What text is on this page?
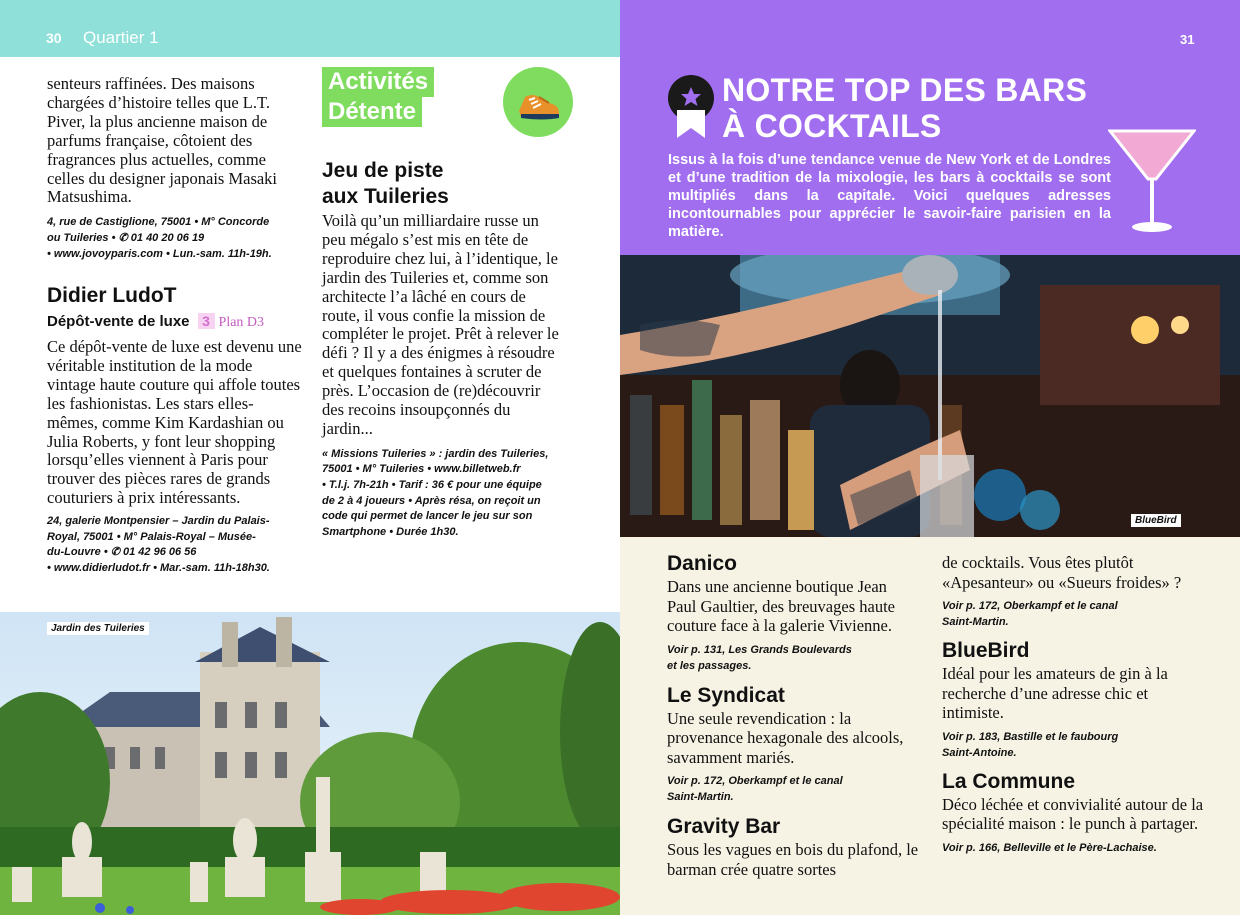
30 Quartier 1

senteurs raffinées. Des maisons chargées d’histoire telles que L.T. Piver, la plus ancienne maison de parfums française, côtoient des fragrances plus actuelles, comme celles du designer japonais Masaki Matsushima.

4, rue de Castiglione, 75001 • M° Concorde
ou Tuileries • ✆ 01 40 20 06 19
• www.jovoyparis.com • Lun.-sam. 11h-19h.
Didier LudoT
Dépôt-vente de luxe 3 Plan D3

Ce dépôt-vente de luxe est devenu une véritable institution de la mode vintage haute couture qui affole toutes les fashionistas. Les stars elles-mêmes, comme Kim Kardashian ou Julia Roberts, y font leur shopping lorsqu’elles viennent à Paris pour trouver des pièces rares de grands couturiers à prix intéressants.

24, galerie Montpensier – Jardin du Palais-
Royal, 75001 • M° Palais-Royal – Musée-
du-Louvre • ✆ 01 42 96 06 56
• www.didierludot.fr • Mar.-sam. 11h-18h30.
Activités
Détente
Jeu de piste
aux Tuileries

Voilà qu’un milliardaire russe un peu mégalo s’est mis en tête de reproduire chez lui, à l’identique, le jardin des Tuileries et, comme son architecte l’a lâché en cours de route, il vous confie la mission de compléter le projet. Prêt à relever le défi ? Il y a des énigmes à résoudre et quelques fontaines à scruter de près. L’occasion de (re)découvrir des recoins insoupçonnés du jardin...

« Missions Tuileries » : jardin des Tuileries,
75001 • M° Tuileries • www.billetweb.fr
• T.l.j. 7h-21h • Tarif : 36 € pour une équipe
de 2 à 4 joueurs • Après résa, on reçoit un
code qui permet de lancer le jeu sur son
Smartphone • Durée 1h30.
Jardin des Tuileries
31
NOTRE TOP DES BARS
À COCKTAILS

Issus à la fois d’une tendance venue de New York et de Londres et d’une tradition de la mixologie, les bars à cocktails se sont multipliés dans la capitale. Voici quelques adresses incontournables pour apprécier le savoir-faire parisien en la matière.

BlueBird
Danico

Dans une ancienne boutique Jean Paul Gaultier, des breuvages haute couture face à la galerie Vivienne.

Voir p. 131, Les Grands Boulevards
et les passages.
Le Syndicat

Une seule revendication : la provenance hexagonale des alcools, savamment mariés.

Voir p. 172, Oberkampf et le canal
Saint-Martin.
Gravity Bar

Sous les vagues en bois du plafond, le barman crée quatre sortes

de cocktails. Vous êtes plutôt «Apesanteur» ou «Sueurs froides» ?

Voir p. 172, Oberkampf et le canal
Saint-Martin.
BlueBird

Idéal pour les amateurs de gin à la recherche d’une adresse chic et intimiste.

Voir p. 183, Bastille et le faubourg
Saint-Antoine.
La Commune

Déco léchée et convivialité autour de la spécialité maison : le punch à partager.

Voir p. 166, Belleville et le Père-Lachaise.
